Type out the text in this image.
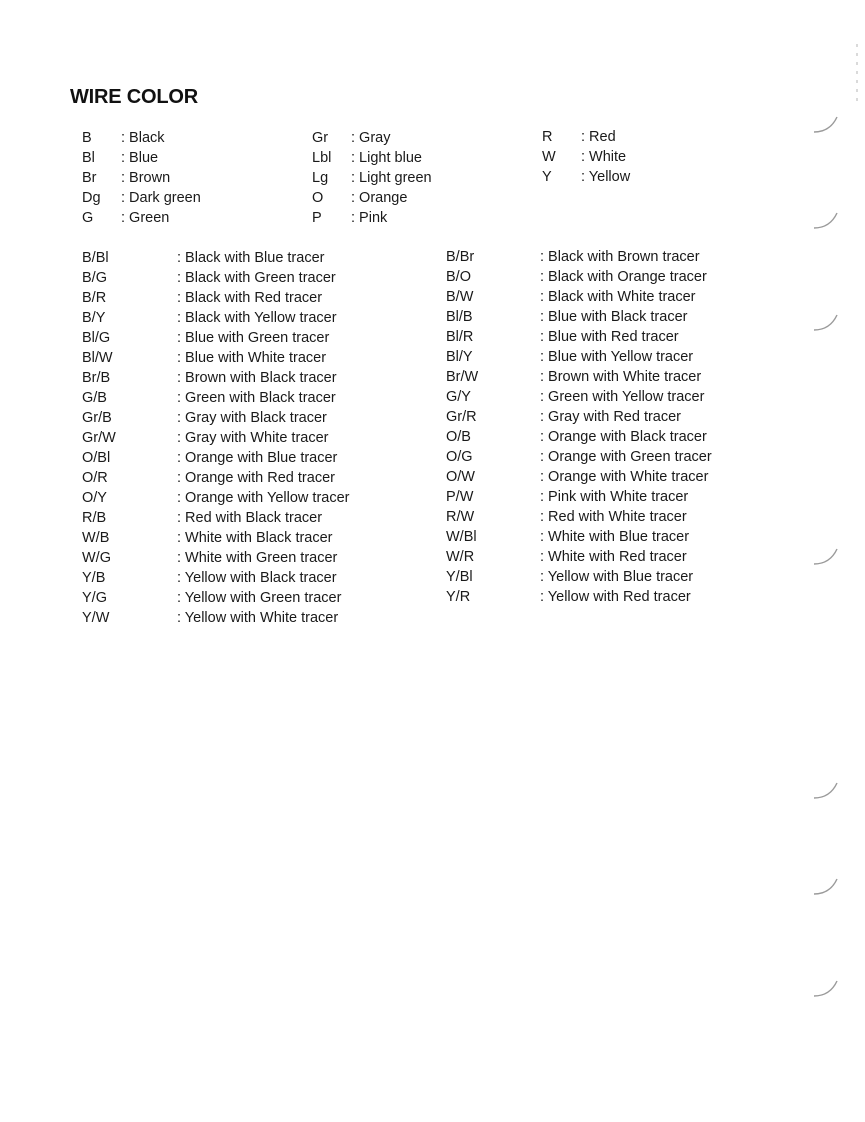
WIRE COLOR
B : Black
Bl : Blue
Br : Brown
Dg : Dark green
G : Green
Gr : Gray
Lbl : Light blue
Lg : Light green
O : Orange
P : Pink
R : Red
W : White
Y : Yellow
B/Bl	: Black with Blue tracer
B/G	: Black with Green tracer
B/R	: Black with Red tracer
B/Y	: Black with Yellow tracer
Bl/G	: Blue with Green tracer
Bl/W	: Blue with White tracer
Br/B	: Brown with Black tracer
G/B	: Green with Black tracer
Gr/B	: Gray with Black tracer
Gr/W	: Gray with White tracer
O/Bl	: Orange with Blue tracer
O/R	: Orange with Red tracer
O/Y	: Orange with Yellow tracer
R/B	: Red with Black tracer
W/B	: White with Black tracer
W/G	: White with Green tracer
Y/B	: Yellow with Black tracer
Y/G	: Yellow with Green tracer
Y/W	: Yellow with White tracer
B/Br	: Black with Brown tracer
B/O	: Black with Orange tracer
B/W	: Black with White tracer
Bl/B	: Blue with Black tracer
Bl/R	: Blue with Red tracer
Bl/Y	: Blue with Yellow tracer
Br/W	: Brown with White tracer
G/Y	: Green with Yellow tracer
Gr/R	: Gray with Red tracer
O/B	: Orange with Black tracer
O/G	: Orange with Green tracer
O/W	: Orange with White tracer
P/W	: Pink with White tracer
R/W	: Red with White tracer
W/Bl	: White with Blue tracer
W/R	: White with Red tracer
Y/Bl	: Yellow with Blue tracer
Y/R	: Yellow with Red tracer
